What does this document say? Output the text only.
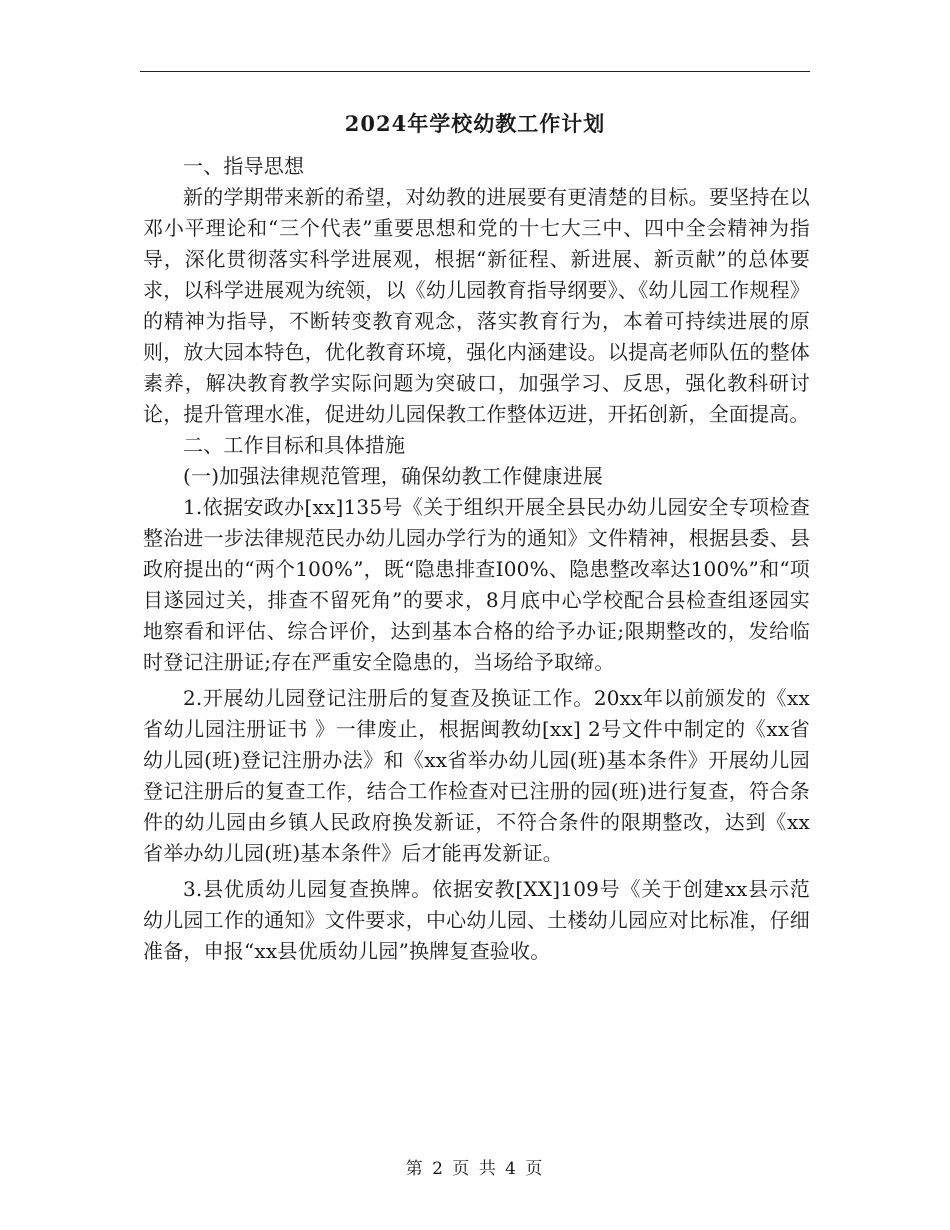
2024年学校幼教工作计划

一、指导思想

新的学期带来新的希望，对幼教的进展要有更清楚的目标。要坚持在以邓小平理论和“三个代表”重要思想和党的十七大三中、四中全会精神为指导，深化贯彻落实科学进展观，根据“新征程、新进展、新贡献”的总体要求，以科学进展观为统领，以《幼儿园教育指导纲要》、《幼儿园工作规程》的精神为指导，不断转变教育观念，落实教育行为，本着可持续进展的原则，放大园本特色，优化教育环境，强化内涵建设。以提高老师队伍的整体素养，解决教育教学实际问题为突破口，加强学习、反思，强化教科研讨论，提升管理水准，促进幼儿园保教工作整体迈进，开拓创新，全面提高。

二、工作目标和具体措施

(一)加强法律规范管理，确保幼教工作健康进展

1.依据安政办[xx]135号《关于组织开展全县民办幼儿园安全专项检查整治进一步法律规范民办幼儿园办学行为的通知》文件精神，根据县委、县政府提出的“两个100%”，既“隐患排查I00%、隐患整改率达100%”和“项目遂园过关，排查不留死角”的要求，8月底中心学校配合县检查组逐园实地察看和评估、综合评价，达到基本合格的给予办证;限期整改的，发给临时登记注册证;存在严重安全隐患的，当场给予取缔。

2.开展幼儿园登记注册后的复查及换证工作。20xx年以前颁发的《xx省幼儿园注册证书 》一律废止，根据闽教幼[xx] 2号文件中制定的《xx省幼儿园(班)登记注册办法》和《xx省举办幼儿园(班)基本条件》开展幼儿园登记注册后的复查工作，结合工作检查对已注册的园(班)进行复查，符合条件的幼儿园由乡镇人民政府换发新证，不符合条件的限期整改，达到《xx省举办幼儿园(班)基本条件》后才能再发新证。

3.县优质幼儿园复查换牌。依据安教[XX]109号《关于创建xx县示范幼儿园工作的通知》文件要求，中心幼儿园、土楼幼儿园应对比标准，仔细准备，申报“xx县优质幼儿园”换牌复查验收。

第 2 页 共 4 页
